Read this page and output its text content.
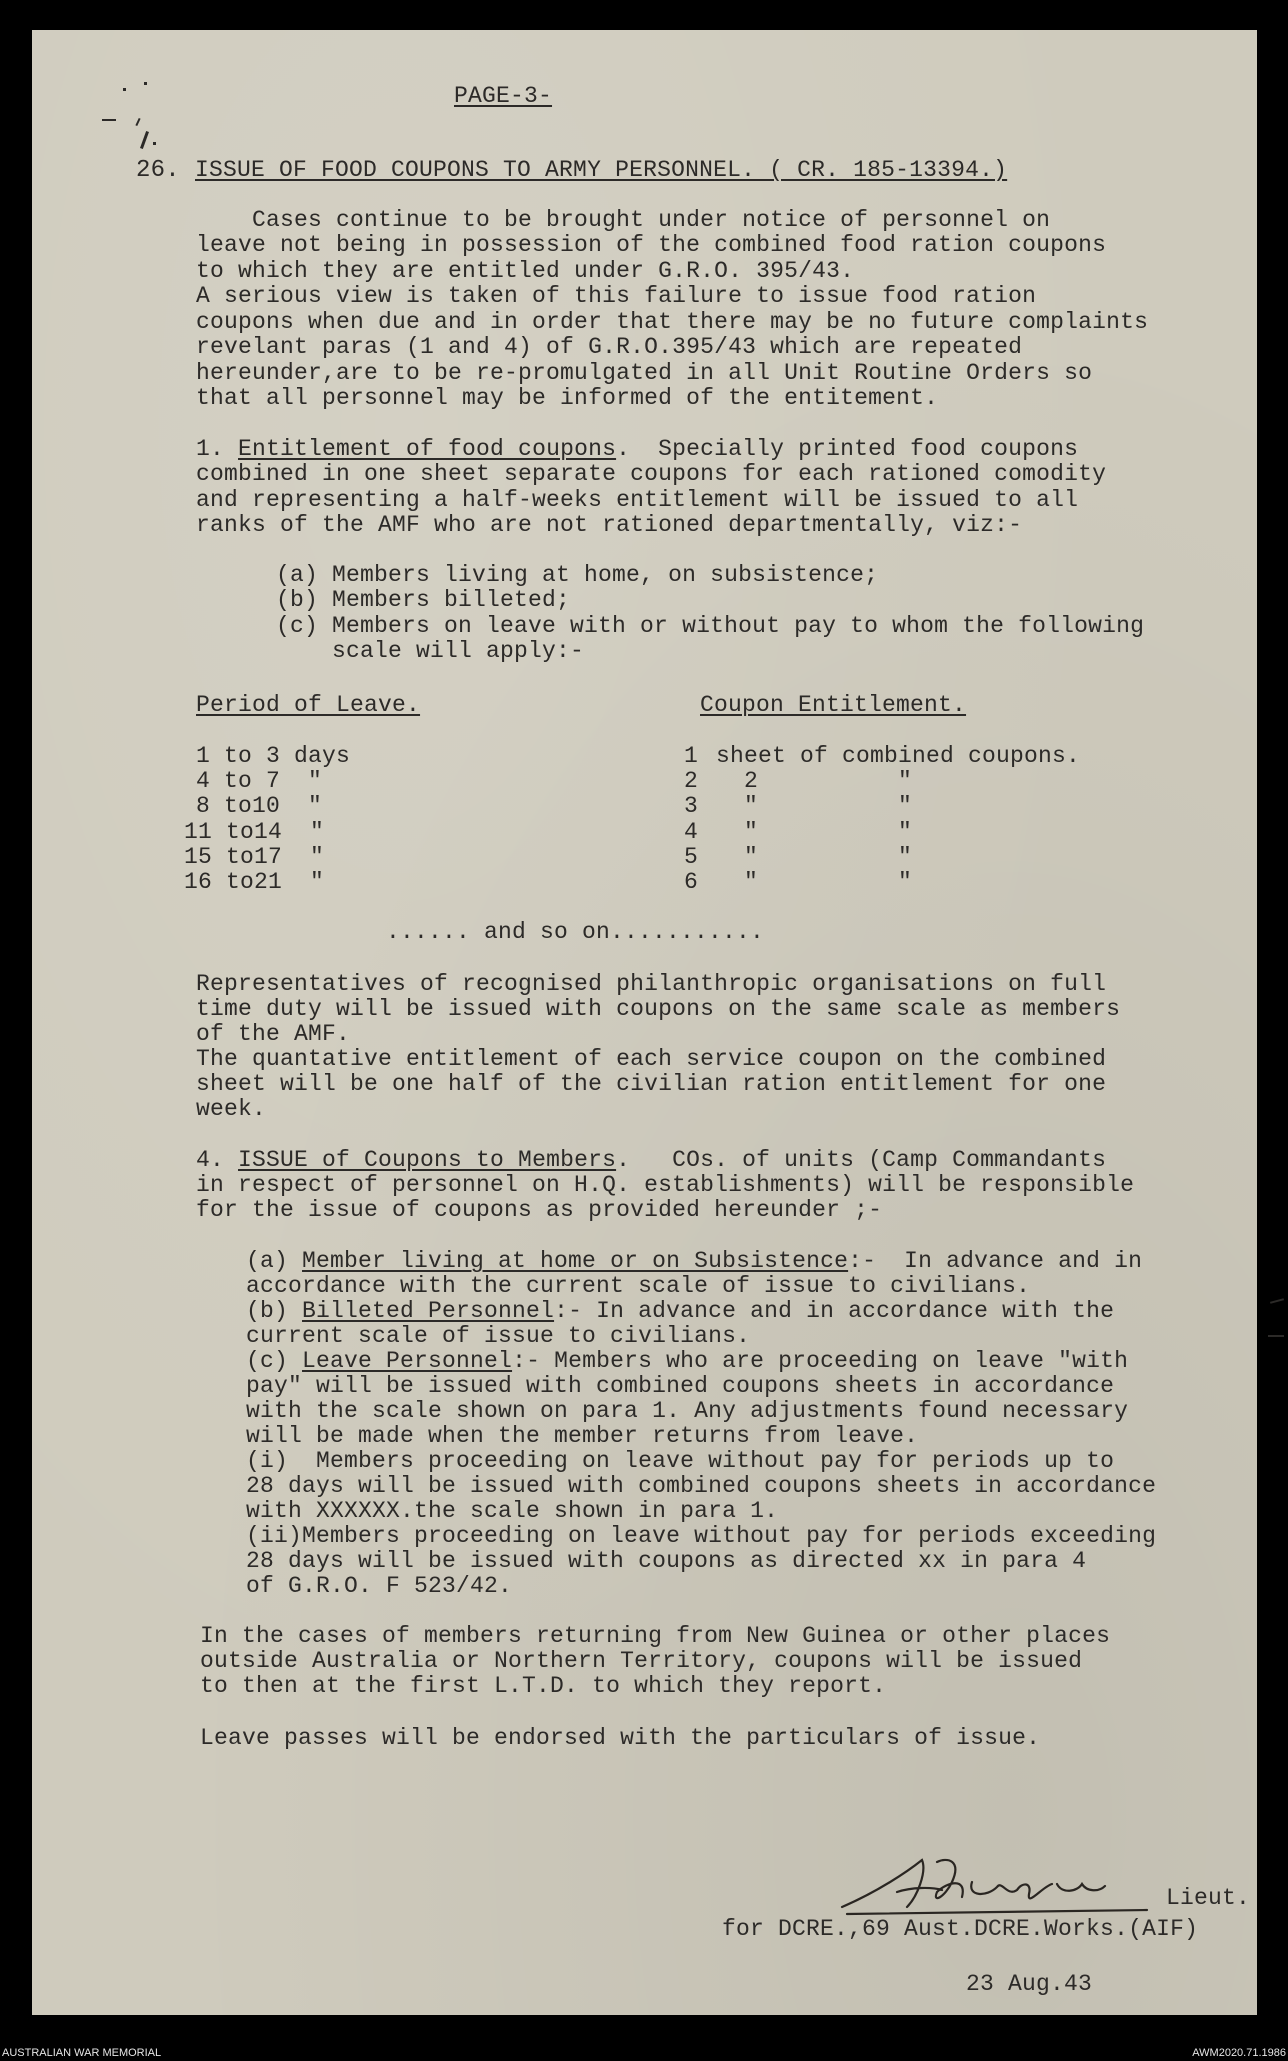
PAGE-3-
26. ISSUE OF FOOD COUPONS TO ARMY PERSONNEL. ( CR. 185-13394.)
Cases continue to be brought under notice of personnel on
leave not being in possession of the combined food ration coupons
to which they are entitled under G.R.O. 395/43.
A serious view is taken of this failure to issue food ration
coupons when due and in order that there may be no future complaints
revelant paras (1 and 4) of G.R.O.395/43 which are repeated
hereunder,are to be re-promulgated in all Unit Routine Orders so
that all personnel may be informed of the entitement.
1. Entitlement of food coupons.  Specially printed food coupons
combined in one sheet separate coupons for each rationed comodity
and representing a half-weeks entitlement will be issued to all
ranks of the AMF who are not rationed departmentally, viz:-
(a) Members living at home, on subsistence;
(b) Members billeted;
(c) Members on leave with or without pay to whom the following
scale will apply:-
Period of Leave.	Coupon Entitlement.
1 to 3 days
4 to 7  "
8 to10  "
11 to14  "
15 to17  "
16 to21  "
1
2
3
4
5
6
sheet of combined coupons.
2          "
"          "
"          "
"          "
"          "
...... and so on...........
Representatives of recognised philanthropic organisations on full
time duty will be issued with coupons on the same scale as members
of the AMF.
The quantative entitlement of each service coupon on the combined
sheet will be one half of the civilian ration entitlement for one
week.
4. ISSUE of Coupons to Members.   COs. of units (Camp Commandants
in respect of personnel on H.Q. establishments) will be responsible
for the issue of coupons as provided hereunder ;-
(a) Member living at home or on Subsistence:-  In advance and in
accordance with the current scale of issue to civilians.
(b) Billeted Personnel:- In advance and in accordance with the
current scale of issue to civilians.
(c) Leave Personnel:- Members who are proceeding on leave "with
pay" will be issued with combined coupons sheets in accordance
with the scale shown on para 1. Any adjustments found necessary
will be made when the member returns from leave.
(i)  Members proceeding on leave without pay for periods up to
28 days will be issued with combined coupons sheets in accordance
with XXXXXX.the scale shown in para 1.
(ii)Members proceeding on leave without pay for periods exceeding
28 days will be issued with coupons as directed xx in para 4
of G.R.O. F 523/42.
In the cases of members returning from New Guinea or other places
outside Australia or Northern Territory, coupons will be issued
to then at the first L.T.D. to which they report.
Leave passes will be endorsed with the particulars of issue.
Lieut.
for DCRE.,69 Aust.DCRE.Works.(AIF)
23 Aug.43
AUSTRALIAN WAR MEMORIAL	AWM2020.71.1986
